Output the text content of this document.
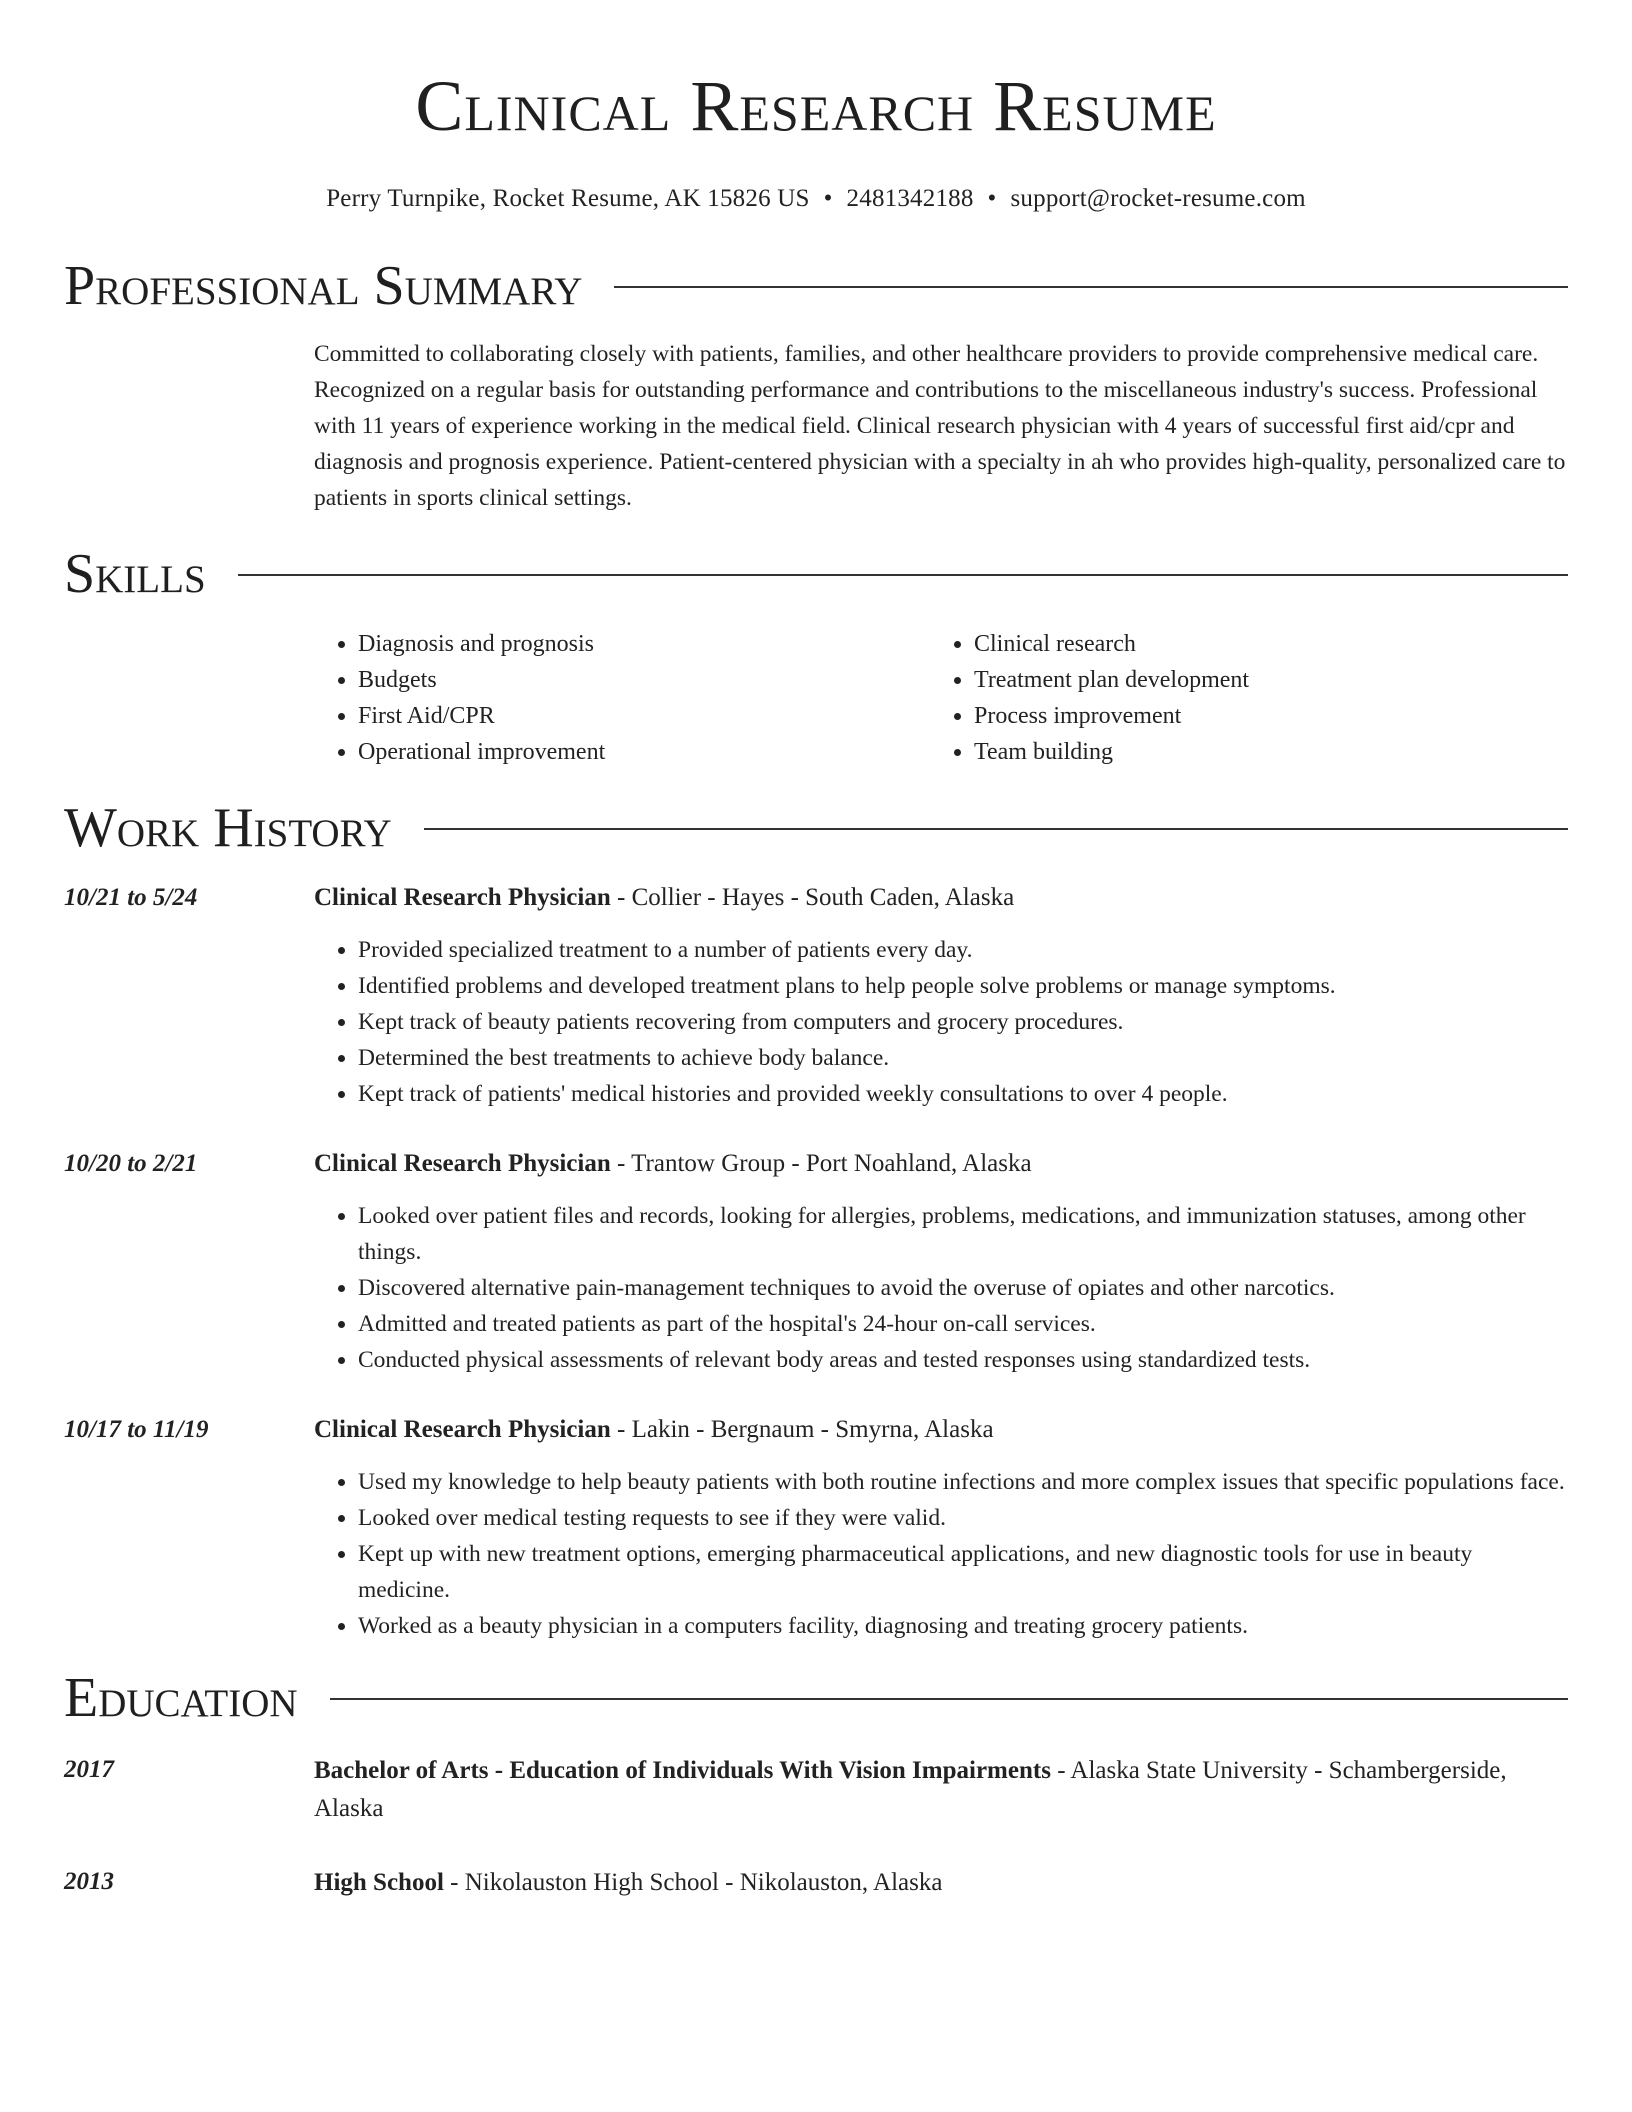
Clinical Research Resume
Perry Turnpike, Rocket Resume, AK 15826 US • 2481342188 • support@rocket-resume.com
Professional Summary
Committed to collaborating closely with patients, families, and other healthcare providers to provide comprehensive medical care. Recognized on a regular basis for outstanding performance and contributions to the miscellaneous industry's success. Professional with 11 years of experience working in the medical field. Clinical research physician with 4 years of successful first aid/cpr and diagnosis and prognosis experience. Patient-centered physician with a specialty in ah who provides high-quality, personalized care to patients in sports clinical settings.
Skills
• Diagnosis and prognosis
• Budgets
• First Aid/CPR
• Operational improvement
• Clinical research
• Treatment plan development
• Process improvement
• Team building
Work History
10/21 to 5/24	Clinical Research Physician - Collier - Hayes - South Caden, Alaska
• Provided specialized treatment to a number of patients every day.
• Identified problems and developed treatment plans to help people solve problems or manage symptoms.
• Kept track of beauty patients recovering from computers and grocery procedures.
• Determined the best treatments to achieve body balance.
• Kept track of patients' medical histories and provided weekly consultations to over 4 people.
10/20 to 2/21	Clinical Research Physician - Trantow Group - Port Noahland, Alaska
• Looked over patient files and records, looking for allergies, problems, medications, and immunization statuses, among other things.
• Discovered alternative pain-management techniques to avoid the overuse of opiates and other narcotics.
• Admitted and treated patients as part of the hospital's 24-hour on-call services.
• Conducted physical assessments of relevant body areas and tested responses using standardized tests.
10/17 to 11/19	Clinical Research Physician - Lakin - Bergnaum - Smyrna, Alaska
• Used my knowledge to help beauty patients with both routine infections and more complex issues that specific populations face.
• Looked over medical testing requests to see if they were valid.
• Kept up with new treatment options, emerging pharmaceutical applications, and new diagnostic tools for use in beauty medicine.
• Worked as a beauty physician in a computers facility, diagnosing and treating grocery patients.
Education
2017	Bachelor of Arts - Education of Individuals With Vision Impairments - Alaska State University - Schambergerside, Alaska
2013	High School - Nikolauston High School - Nikolauston, Alaska
